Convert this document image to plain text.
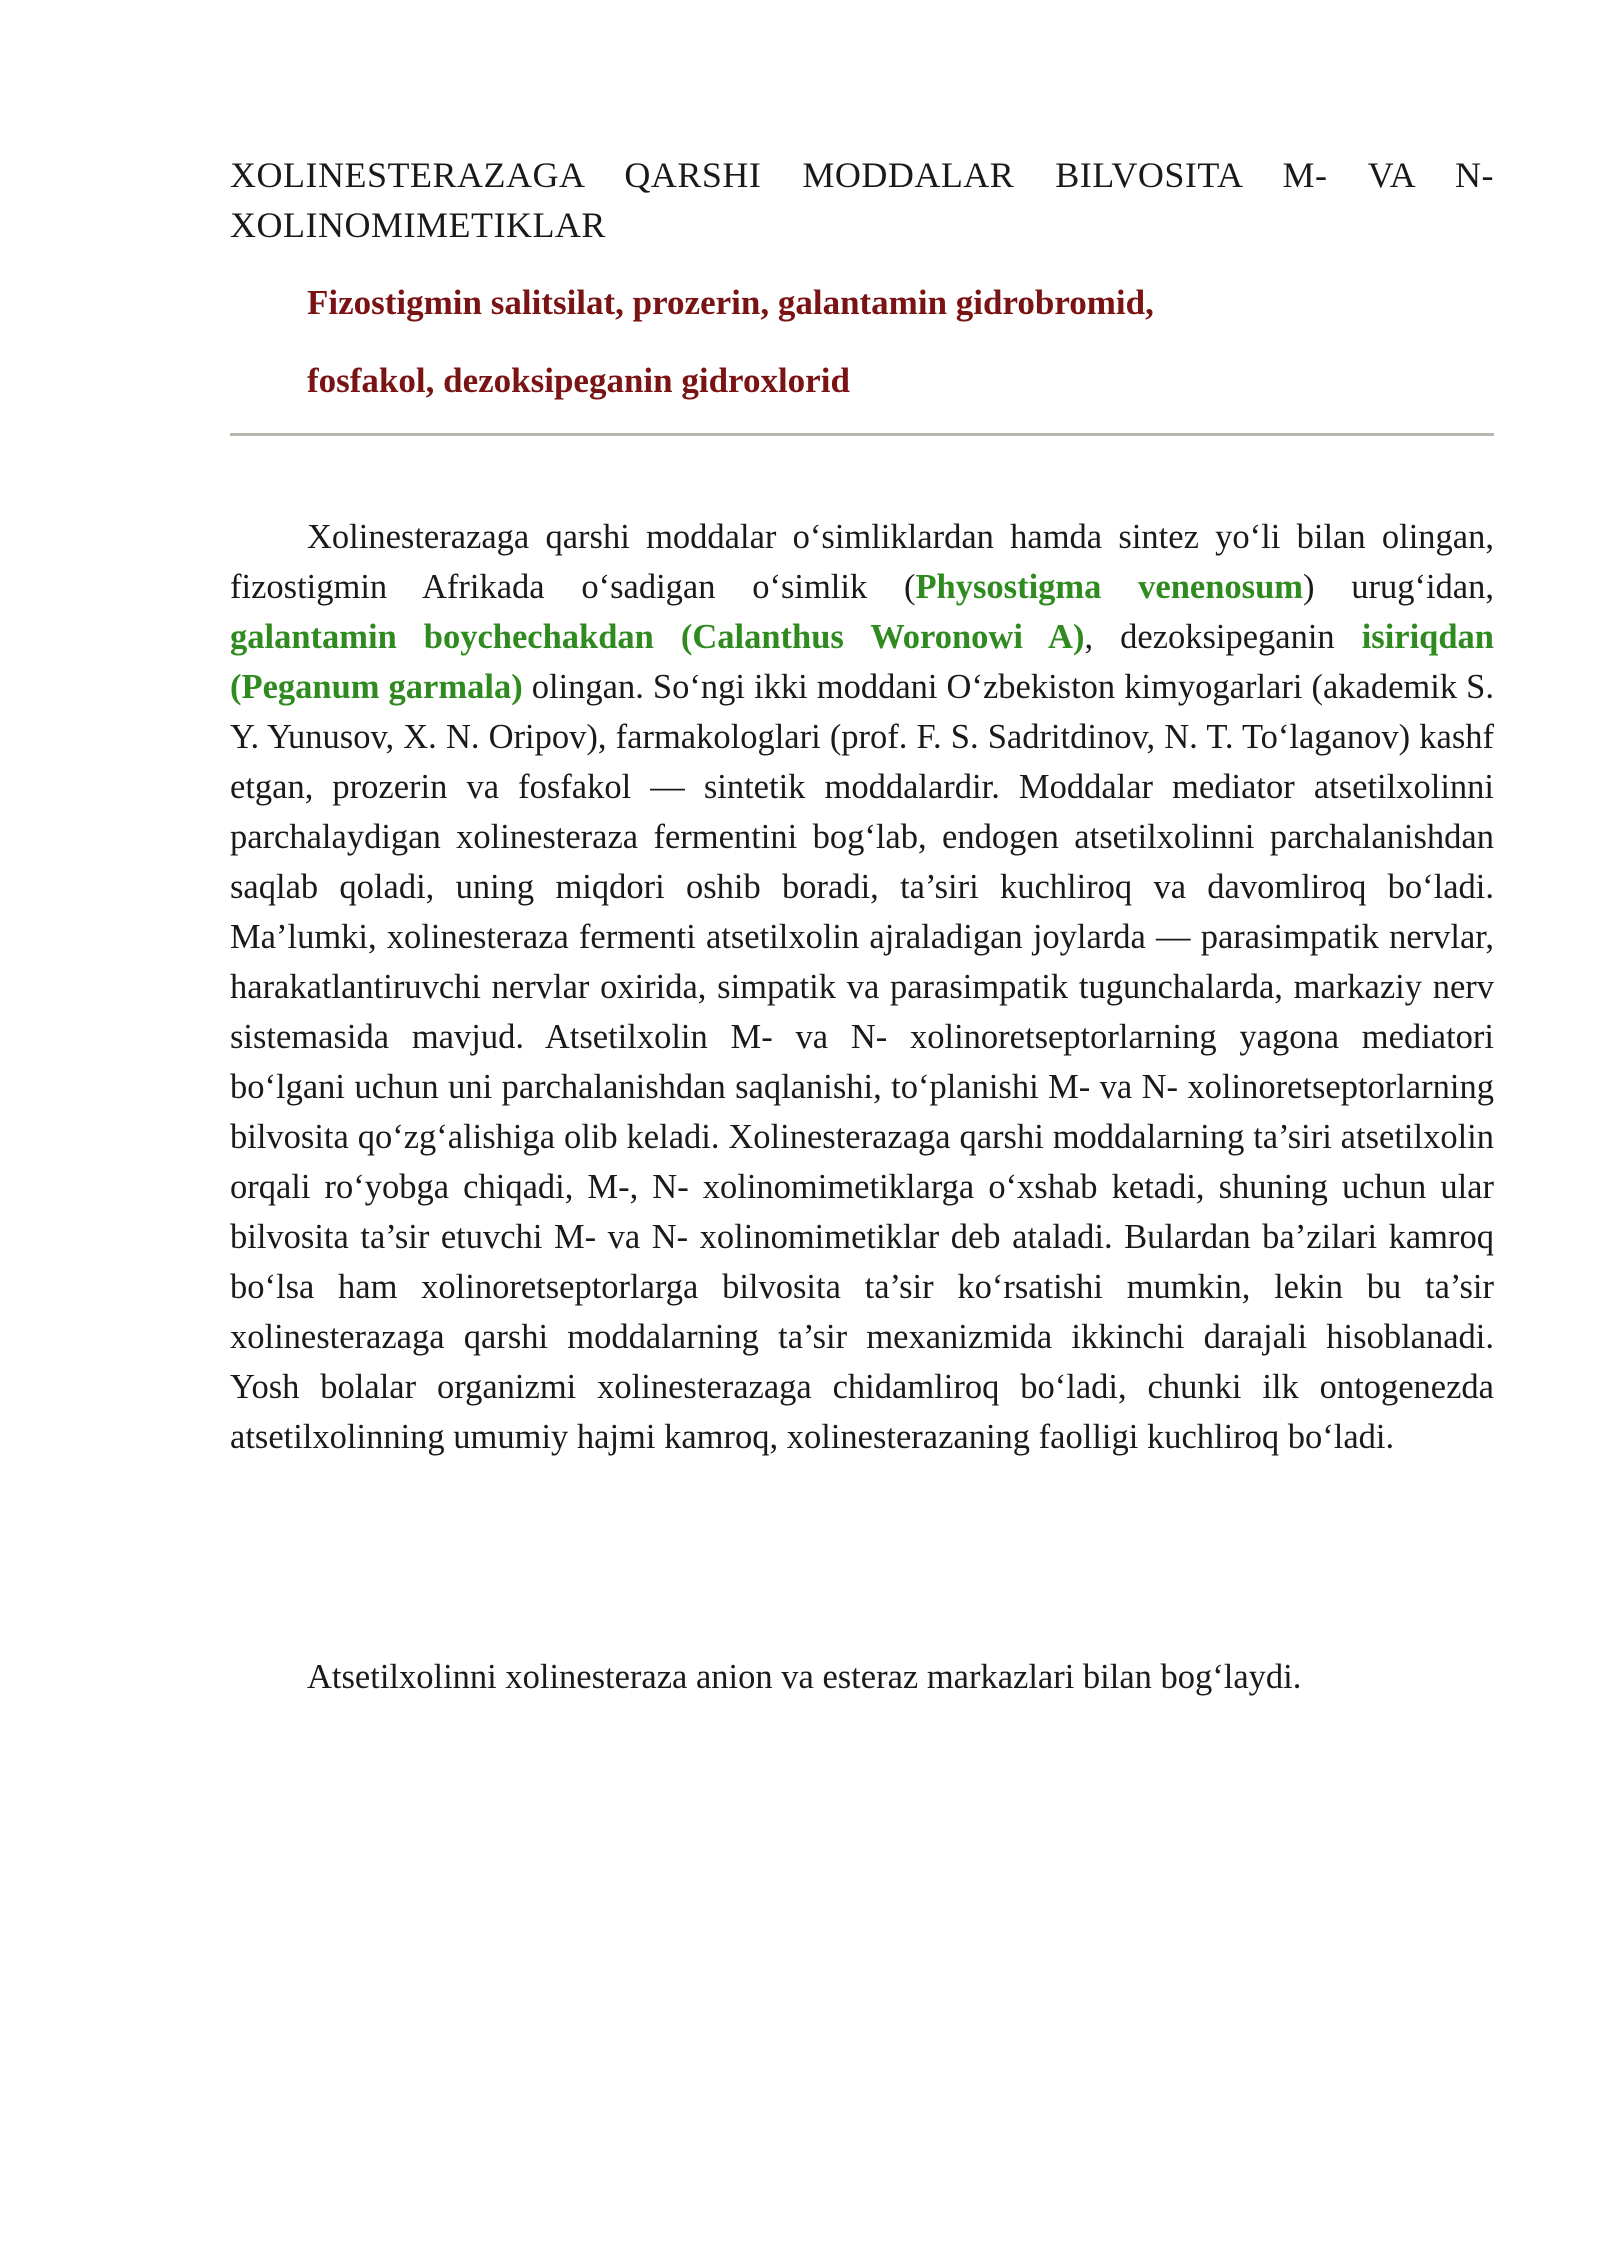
XOLINESTERAZAGA QARSHI MODDALAR BILVOSITA M- VA N- XOLINOMIMETIKLAR

Fizostigmin salitsilat, prozerin, galantamin gidrobromid,

fosfakol, dezoksipeganin gidroxlorid

Xolinesterazaga qarshi moddalar o‘simliklardan hamda sintez yo‘li bilan olingan, fizostigmin Afrikada o‘sadigan o‘simlik (Physostigma venenosum) urug‘idan, galantamin boychechakdan (Calanthus Woronowi A), dezoksipeganin isiriqdan (Peganum garmala) olingan. So‘ngi ikki moddani O‘zbekiston kimyogarlari (akademik S. Y. Yunusov, X. N. Oripov), farmakologlari (prof. F. S. Sadritdinov, N. T. To‘laganov) kashf etgan, prozerin va fosfakol — sintetik moddalardir. Moddalar mediator atsetilxolinni parchalaydigan xolinesteraza fermentini bog‘lab, endogen atsetilxolinni parchalanishdan saqlab qoladi, uning miqdori oshib boradi, ta’siri kuchliroq va davomliroq bo‘ladi. Ma’lumki, xolinesteraza fermenti atsetilxolin ajraladigan joylarda — parasimpatik nervlar, harakatlantiruvchi nervlar oxirida, simpatik va parasimpatik tugunchalarda, markaziy nerv sistemasida mavjud. Atsetilxolin M- va N- xolinoretseptorlarning yagona mediatori bo‘lgani uchun uni parchalanishdan saqlanishi, to‘planishi M- va N- xolinoretseptorlarning bilvosita qo‘zg‘alishiga olib keladi. Xolinesterazaga qarshi moddalarning ta’siri atsetilxolin orqali ro‘yobga chiqadi, M-, N- xolinomimetiklarga o‘xshab ketadi, shuning uchun ular bilvosita ta’sir etuvchi M- va N- xolinomimetiklar deb ataladi. Bulardan ba’zilari kamroq bo‘lsa ham xolinoretseptorlarga bilvosita ta’sir ko‘rsatishi mumkin, lekin bu ta’sir xolinesterazaga qarshi moddalarning ta’sir mexanizmida ikkinchi darajali hisoblanadi. Yosh bolalar organizmi xolinesterazaga chidamliroq bo‘ladi, chunki ilk ontogenezda atsetilxolinning umumiy hajmi kamroq, xolinesterazaning faolligi kuchliroq bo‘ladi.

Atsetilxolinni xolinesteraza anion va esteraz markazlari bilan bog‘laydi.
